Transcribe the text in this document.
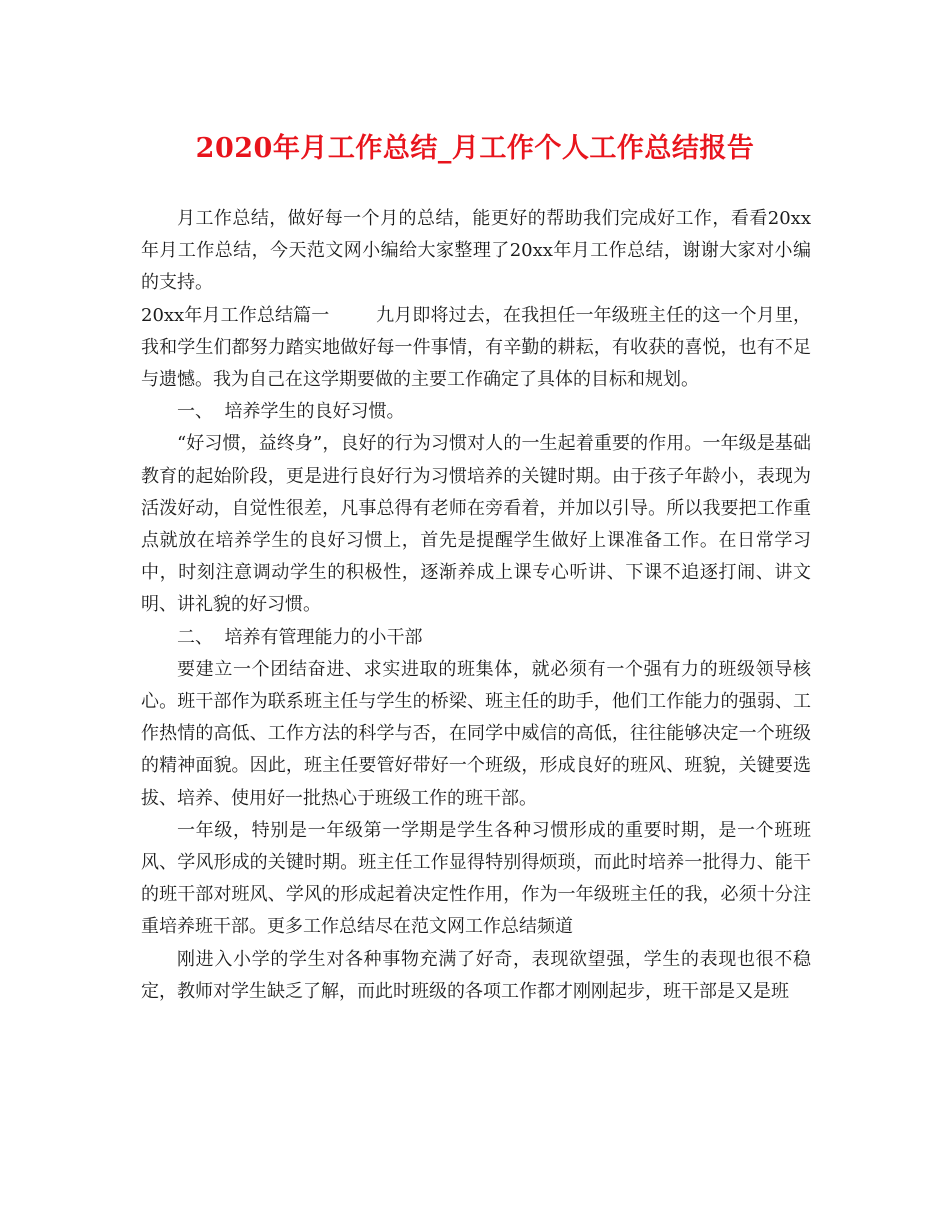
2020年月工作总结_月工作个人工作总结报告

月工作总结，做好每一个月的总结，能更好的帮助我们完成好工作，看看20xx年月工作总结，今天范文网小编给大家整理了20xx年月工作总结，谢谢大家对小编的支持。

20xx年月工作总结篇一	九月即将过去，在我担任一年级班主任的这一个月里，我和学生们都努力踏实地做好每一件事情，有辛勤的耕耘，有收获的喜悦，也有不足与遗憾。我为自己在这学期要做的主要工作确定了具体的目标和规划。

一、  培养学生的良好习惯。

“好习惯，益终身”，良好的行为习惯对人的一生起着重要的作用。一年级是基础教育的起始阶段，更是进行良好行为习惯培养的关键时期。由于孩子年龄小，表现为活泼好动，自觉性很差，凡事总得有老师在旁看着，并加以引导。所以我要把工作重点就放在培养学生的良好习惯上，首先是提醒学生做好上课准备工作。在日常学习中，时刻注意调动学生的积极性，逐渐养成上课专心听讲、下课不追逐打闹、讲文明、讲礼貌的好习惯。

二、  培养有管理能力的小干部

要建立一个团结奋进、求实进取的班集体，就必须有一个强有力的班级领导核心。班干部作为联系班主任与学生的桥梁、班主任的助手，他们工作能力的强弱、工作热情的高低、工作方法的科学与否，在同学中威信的高低，往往能够决定一个班级的精神面貌。因此，班主任要管好带好一个班级，形成良好的班风、班貌，关键要选拔、培养、使用好一批热心于班级工作的班干部。

一年级，特别是一年级第一学期是学生各种习惯形成的重要时期，是一个班班风、学风形成的关键时期。班主任工作显得特别得烦琐，而此时培养一批得力、能干的班干部对班风、学风的形成起着决定性作用，作为一年级班主任的我，必须十分注重培养班干部。更多工作总结尽在范文网工作总结频道

刚进入小学的学生对各种事物充满了好奇，表现欲望强，学生的表现也很不稳定，教师对学生缺乏了解，而此时班级的各项工作都才刚刚起步，班干部是又是班
